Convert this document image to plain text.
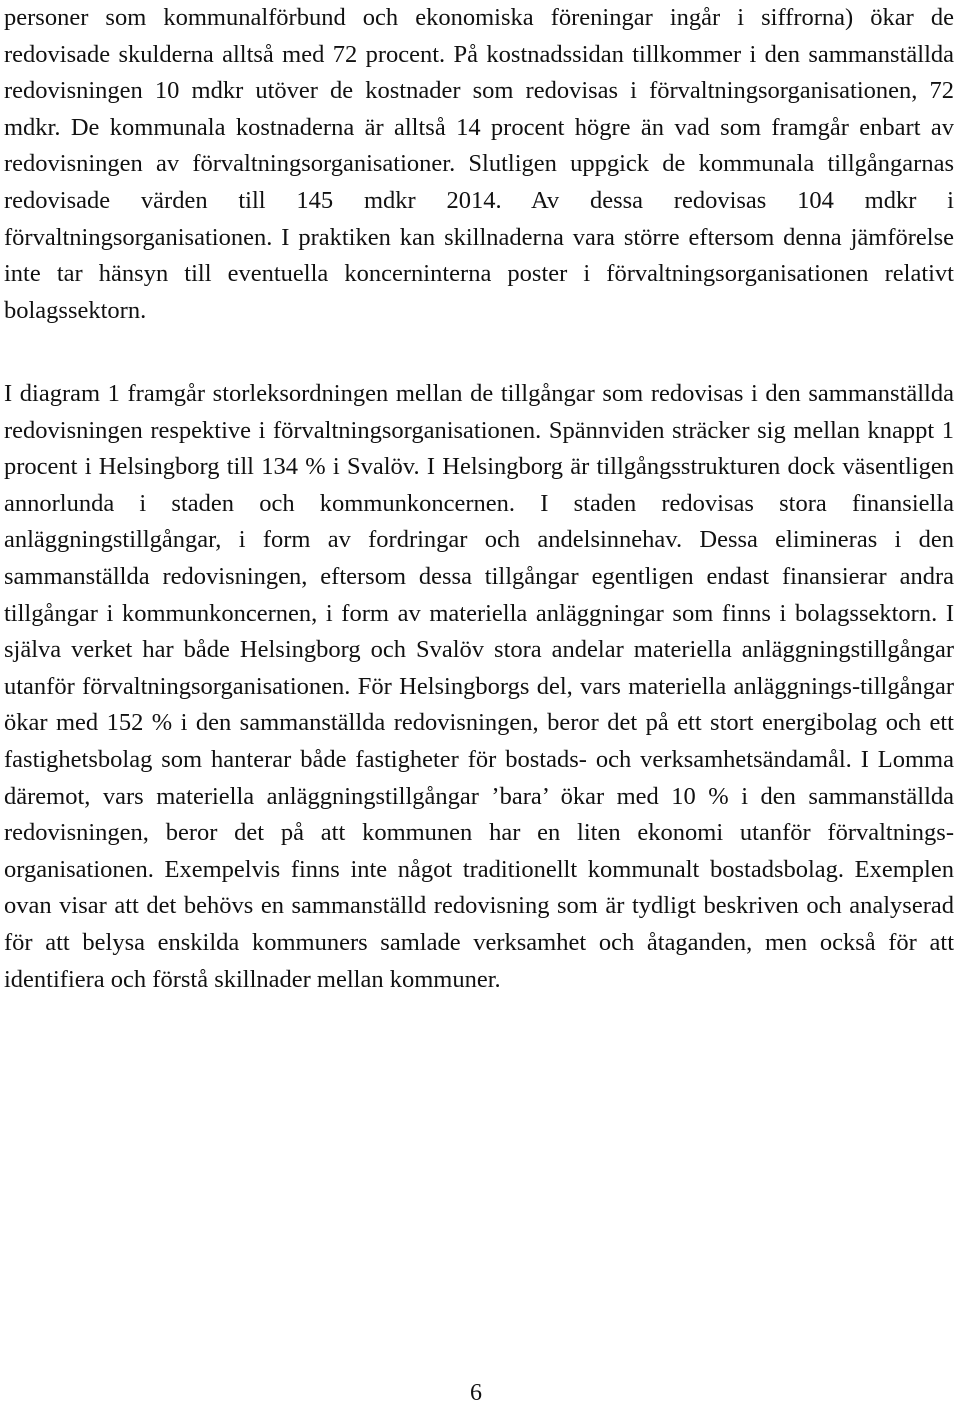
personer som kommunalförbund och ekonomiska föreningar ingår i siffrorna) ökar de redovisade skulderna alltså med 72 procent. På kostnadssidan tillkommer i den sammanställda redovisningen 10 mdkr utöver de kostnader som redovisas i förvaltningsorganisationen, 72 mdkr. De kommunala kostnaderna är alltså 14 procent högre än vad som framgår enbart av redovisningen av förvaltningsorganisationer. Slutligen uppgick de kommunala tillgångarnas redovisade värden till 145 mdkr 2014. Av dessa redovisas 104 mdkr i förvaltningsorganisationen. I praktiken kan skillnaderna vara större eftersom denna jämförelse inte tar hänsyn till eventuella koncerninterna poster i förvaltningsorganisationen relativt bolagssektorn.

I diagram 1 framgår storleksordningen mellan de tillgångar som redovisas i den sammanställda redovisningen respektive i förvaltningsorganisationen. Spännviden sträcker sig mellan knappt 1 procent i Helsingborg till 134 % i Svalöv. I Helsingborg är tillgångsstrukturen dock väsentligen annorlunda i staden och kommunkoncernen. I staden redovisas stora finansiella anläggningstillgångar, i form av fordringar och andelsinnehav. Dessa elimineras i den sammanställda redovisningen, eftersom dessa tillgångar egentligen endast finansierar andra tillgångar i kommunkoncernen, i form av materiella anläggningar som finns i bolagssektorn. I själva verket har både Helsingborg och Svalöv stora andelar materiella anläggningstillgångar utanför förvaltningsorganisationen. För Helsingborgs del, vars materiella anläggnings-tillgångar ökar med 152 % i den sammanställda redovisningen, beror det på ett stort energibolag och ett fastighetsbolag som hanterar både fastigheter för bostads- och verksamhetsändamål. I Lomma däremot, vars materiella anläggningstillgångar ’bara’ ökar med 10 % i den sammanställda redovisningen, beror det på att kommunen har en liten ekonomi utanför förvaltnings-organisationen. Exempelvis finns inte något traditionellt kommunalt bostadsbolag. Exemplen ovan visar att det behövs en sammanställd redovisning som är tydligt beskriven och analyserad för att belysa enskilda kommuners samlade verksamhet och åtaganden, men också för att identifiera och förstå skillnader mellan kommuner.

6
